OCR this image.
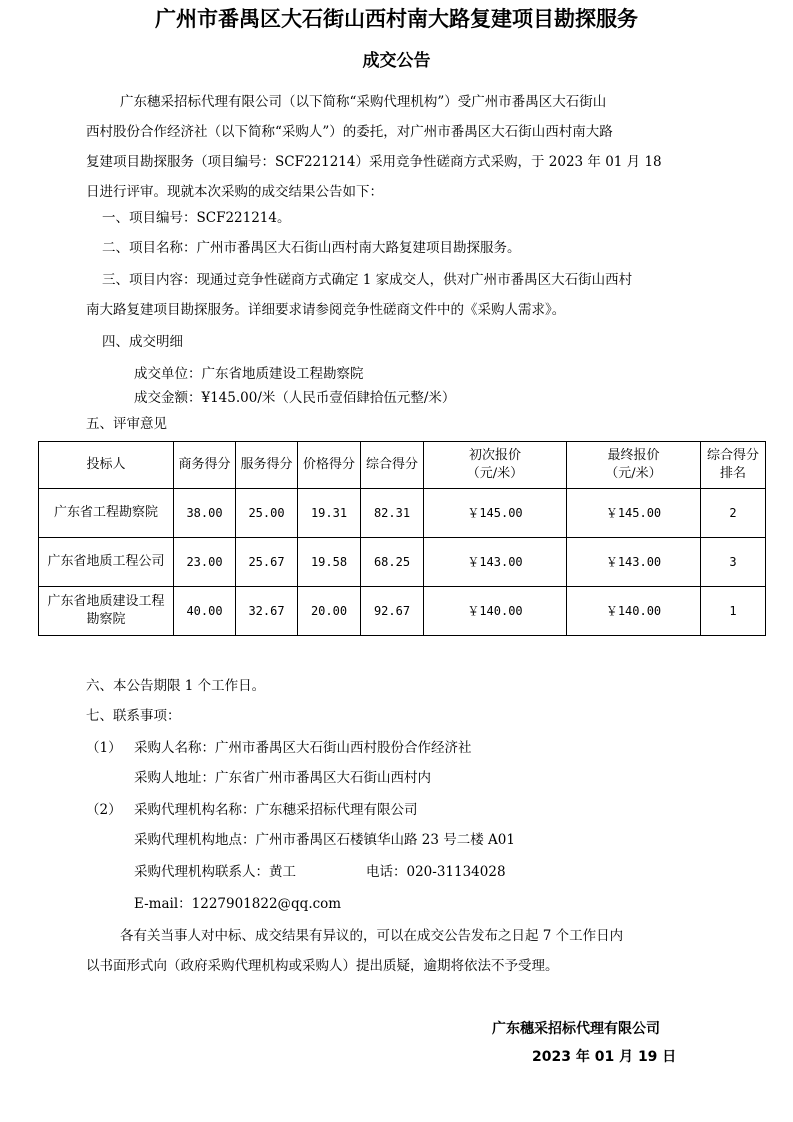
广州市番禺区大石街山西村南大路复建项目勘探服务
成交公告
广东穗采招标代理有限公司（以下简称“采购代理机构”）受广州市番禺区大石街山
西村股份合作经济社（以下简称“采购人”）的委托，对广州市番禺区大石街山西村南大路
复建项目勘探服务（项目编号：SCF221214）采用竞争性磋商方式采购，于 2023 年 01 月 18
日进行评审。现就本次采购的成交结果公告如下：
一、项目编号：SCF221214。
二、项目名称：广州市番禺区大石街山西村南大路复建项目勘探服务。
三、项目内容：现通过竞争性磋商方式确定 1 家成交人，供对广州市番禺区大石街山西村
南大路复建项目勘探服务。详细要求请参阅竞争性磋商文件中的《采购人需求》。
四、成交明细
成交单位：广东省地质建设工程勘察院
成交金额：¥145.00/米（人民币壹佰肆拾伍元整/米）
五、评审意见
投标人	商务得分	服务得分	价格得分	综合得分	初次报价
（元/米）	最终报价
（元/米）	综合得分
排名
广东省工程勘察院	38.00	25.00	19.31	82.31	￥145.00	￥145.00	2
广东省地质工程公司	23.00	25.67	19.58	68.25	￥143.00	￥143.00	3
广东省地质建设工程
勘察院	40.00	32.67	20.00	92.67	￥140.00	￥140.00	1
六、本公告期限 1 个工作日。
七、联系事项：
（1） 采购人名称：广州市番禺区大石街山西村股份合作经济社
采购人地址：广东省广州市番禺区大石街山西村内
（2） 采购代理机构名称：广东穗采招标代理有限公司
采购代理机构地点：广州市番禺区石楼镇华山路 23 号二楼 A01
采购代理机构联系人：黄工	电话：020-31134028
E-mail：1227901822@qq.com
各有关当事人对中标、成交结果有异议的，可以在成交公告发布之日起 7 个工作日内
以书面形式向（政府采购代理机构或采购人）提出质疑，逾期将依法不予受理。
广东穗采招标代理有限公司
2023 年 01 月 19 日
